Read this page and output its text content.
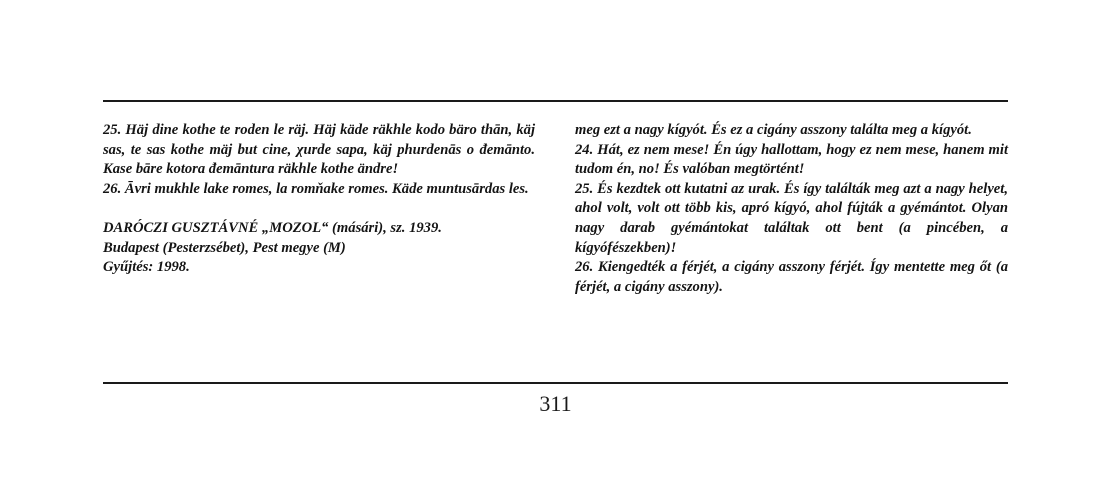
25. Häj dine kothe te roden le räj. Häj käde räkhle kodo bäro thān, käj sas, te sas kothe mäj but cine, χurde sapa, käj phurdenās o đemānto. Kase bāre kotora đemāntura räkhle kothe ändre!

26. Āvri mukhle lake romes, la romňake romes. Käde muntusārdas les.

DARÓCZI GUSZTÁVNÉ „MOZOL“ (másári), sz. 1939.
Budapest (Pesterzsébet), Pest megye (M)
Gyűjtés: 1998.

meg ezt a nagy kígyót. És ez a cigány asszony találta meg a kígyót.

24. Hát, ez nem mese! Én úgy hallottam, hogy ez nem mese, hanem mit tudom én, no! És valóban megtörtént!

25. És kezdtek ott kutatni az urak. És így találták meg azt a nagy helyet, ahol volt, volt ott több kis, apró kígyó, ahol fújták a gyémántot. Olyan nagy darab gyémántokat találtak ott bent (a pincében, a kígyófészekben)!

26. Kiengedték a férjét, a cigány asszony férjét. Így mentette meg őt (a férjét, a cigány asszony).

311
